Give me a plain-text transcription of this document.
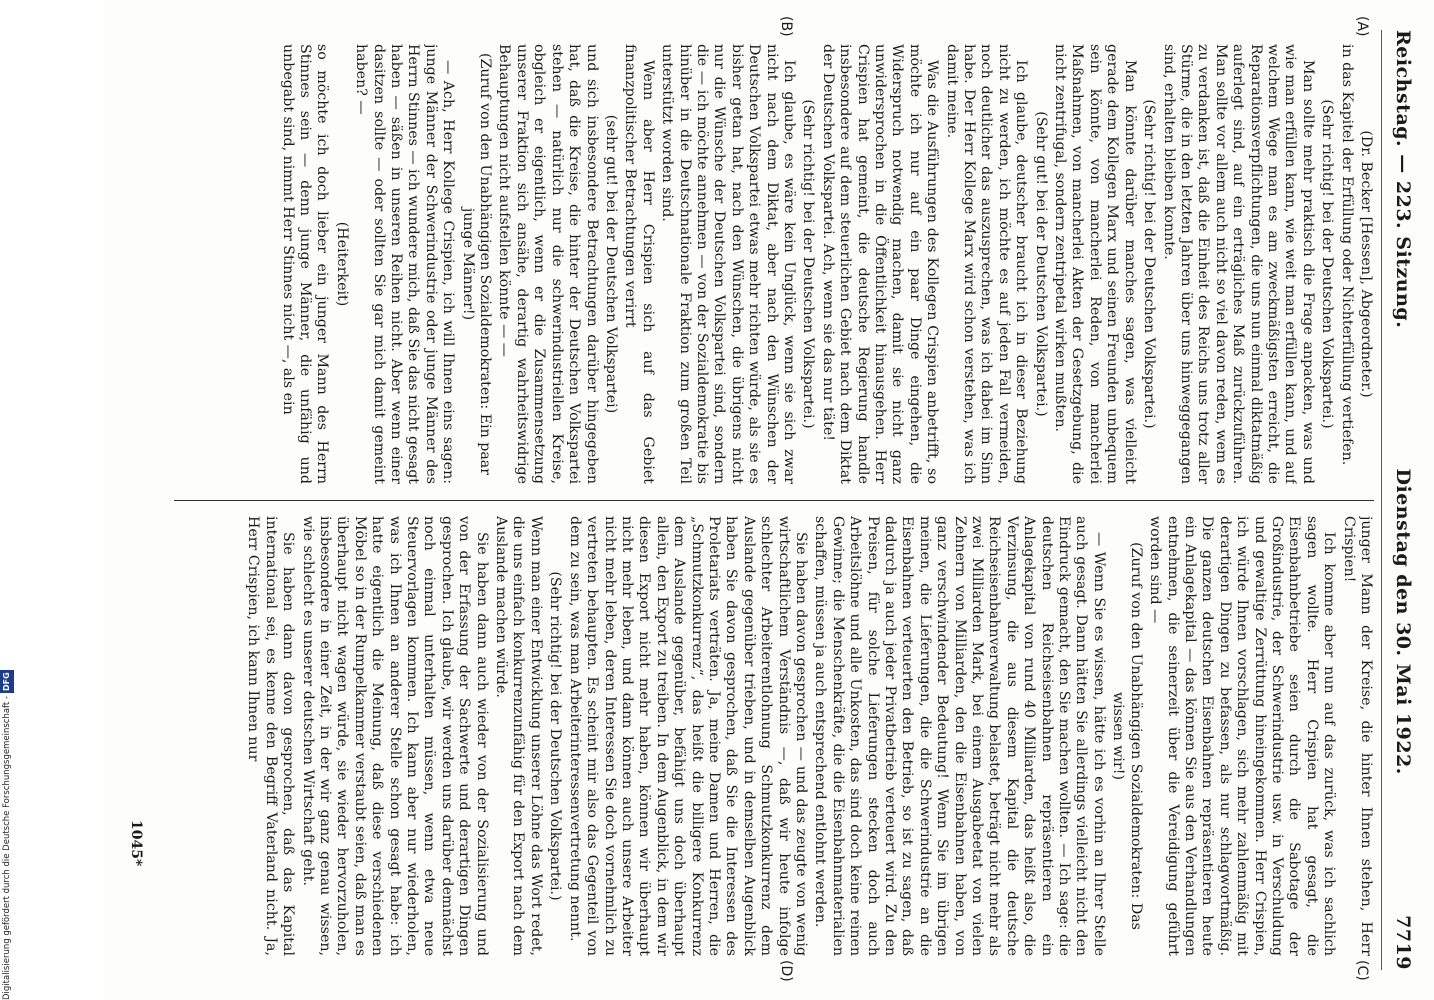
Reichstag. — 223. Sitzung.
Dienstag den 30. Mai 1922.
7719
(A)
(B)
(C)
(D)

(Dr. Becker [Hessen], Abgeordneter.)

in das Kapitel der Erfüllung oder Nichterfüllung vertiefen.

(Sehr richtig! bei der Deutschen Volkspartei.)

Man sollte mehr praktisch die Frage anpacken, was und wie man erfüllen kann, wie weit man erfüllen kann, und auf welchem Wege man es am zweckmäßigsten erreicht, die Reparationsverpflichtungen, die uns nun einmal diktatmäßig auferlegt sind, auf ein erträgliches Maß zurückzuführen. Man sollte vor allem auch nicht so viel davon reden, wem es zu verdanken ist, daß die Einheit des Reichs uns trotz aller Stürme, die in den letzten Jahren über uns hinweggegangen sind, erhalten bleiben konnte.

(Sehr richtig! bei der Deutschen Volkspartei.)

Man könnte darüber manches sagen, was vielleicht gerade dem Kollegen Marx und seinen Freunden unbequem sein könnte, von mancherlei Reden, von mancherlei Maßnahmen, von mancherlei Akten der Gesetzgebung, die nicht zentrifugal, sondern zentripetal wirken mußten.

(Sehr gut! bei der Deutschen Volkspartei.)

Ich glaube, deutscher braucht ich in dieser Beziehung nicht zu werden, ich möchte es auf jeden Fall vermeiden, noch deutlicher das auszusprechen, was ich dabei im Sinn habe. Der Herr Kollege Marx wird schon verstehen, was ich damit meine.

Was die Ausführungen des Kollegen Crispien anbetrifft, so möchte ich nur auf ein paar Dinge eingehen, die Widerspruch notwendig machen, damit sie nicht ganz unwidersprochen in die Öffentlichkeit hinausgehen. Herr Crispien hat gemeint, die deutsche Regierung handle insbesondere auf dem steuerlichen Gebiet nach dem Diktat der Deutschen Volkspartei. Ach, wenn sie das nur täte!

(Sehr richtig! bei der Deutschen Volkspartei.)

Ich glaube, es wäre kein Unglück, wenn sie sich zwar nicht nach dem Diktat, aber nach den Wünschen der Deutschen Volkspartei etwas mehr richten würde, als sie es bisher getan hat, nach den Wünschen, die übrigens nicht nur die Wünsche der Deutschen Volkspartei sind, sondern die — ich möchte annehmen — von der Sozialdemokratie bis hinüber in die Deutschnationale Fraktion zum großen Teil unterstützt worden sind.

Wenn aber Herr Crispien sich auf das Gebiet finanzpolitischer Betrachtungen verirrt

(sehr gut! bei der Deutschen Volkspartei)

und sich insbesondere Betrachtungen darüber hingegeben hat, daß die Kreise, die hinter der Deutschen Volkspartei stehen — natürlich nur die schwerindustriellen Kreise, obgleich er eigentlich, wenn er die Zusammensetzung unserer Fraktion sich ansähe, derartig wahrheitswidrige Behauptungen nicht aufstellen könnte — —

(Zuruf von den Unabhängigen Sozialdemokraten: Ein paar junge Männer!)

— Ach, Herr Kollege Crispien, ich will Ihnen eins sagen: junge Männer der Schwerindustrie oder junge Männer des Herrn Stinnes — ich wundere mich, daß Sie das nicht gesagt haben — säßen in unseren Reihen nicht. Aber wenn einer dasitzen sollte — oder sollten Sie gar mich damit gemeint haben? —

(Heiterkeit)

so möchte ich doch lieber ein junger Mann des Herrn Stinnes sein — denn junge Männer, die unfähig und unbegabt sind, nimmt Herr Stinnes nicht —, als ein

junger Mann der Kreise, die hinter Ihnen stehen, Herr Crispien!

Ich komme aber nun auf das zurück, was ich sachlich sagen wollte. Herr Crispien hat gesagt, die Eisenbahnbetriebe seien durch die Sabotage der Großindustrie, der Schwerindustrie usw. in Verschuldung und gewaltige Zerrüttung hineingekommen. Herr Crispien, ich würde Ihnen vorschlagen, sich mehr zahlenmäßig mit derartigen Dingen zu befassen, als nur schlagwortmäßig. Die ganzen deutschen Eisenbahnen repräsentieren heute ein Anlagekapital — das können Sie aus den Verhandlungen entnehmen, die seinerzeit über die Vereidigung geführt worden sind —

(Zuruf von den Unabhängigen Sozialdemokraten: Das wissen wir!)

— Wenn Sie es wissen, hätte ich es vorhin an Ihrer Stelle auch gesagt. Dann hätten Sie allerdings vielleicht nicht den Eindruck gemacht, den Sie machen wollten. — Ich sage: die deutschen Reichseisenbahnen repräsentieren ein Anlagekapital von rund 40 Milliarden, das heißt also, die Verzinsung, die aus diesem Kapital die deutsche Reichseisenbahnverwaltung belastet, beträgt nicht mehr als zwei Milliarden Mark, bei einem Ausgabeetat von vielen Zehnern von Milliarden, den die Eisenbahnen haben, von ganz verschwindender Bedeutung! Wenn Sie im übrigen meinen, die Lieferungen, die die Schwerindustrie an die Eisenbahnen verteuerten den Betrieb, so ist zu sagen, daß dadurch ja auch jeder Privatbetrieb verteuert wird. Zu den Preisen, für solche Lieferungen stecken doch auch Arbeitslöhne und alle Unkosten, das sind doch keine reinen Gewinne; die Menschenkräfte, die die Eisenbahnmaterialien schaffen, müssen ja auch entsprechend entlohnt werden.

Sie haben davon gesprochen — und das zeugte von wenig wirtschaftlichem Verständnis —, daß wir heute infolge schlechter Arbeiterentlohnung Schmutzkonkurrenz dem Auslande gegenüber trieben, und in demselben Augenblick haben Sie davon gesprochen, daß Sie die Interessen des Proletariats verträten. Ja, meine Damen und Herren, die „Schmutzkonkurrenz“, das heißt die billigere Konkurrenz dem Auslande gegenüber, befähigt uns doch überhaupt allein, den Export zu treiben. In dem Augenblick, in dem wir diesen Export nicht mehr haben, können wir überhaupt nicht mehr leben, und dann können auch unsere Arbeiter nicht mehr leben, deren Interessen Sie doch vornehmlich zu vertreten behaupten. Es scheint mir also das Gegenteil von dem zu sein, was man Arbeiterinteressenvertretung nennt.

(Sehr richtig! bei der Deutschen Volkspartei.)

Wenn man einer Entwicklung unserer Löhne das Wort redet, die uns einfach konkurrenzunfähig für den Export nach dem Auslande machen würde.

Sie haben dann auch wieder von der Sozialisierung und von der Erfassung der Sachwerte und derartigen Dingen gesprochen. Ich glaube, wir werden uns darüber demnächst noch einmal unterhalten müssen, wenn etwa neue Steuervorlagen kommen. Ich kann aber nur wiederholen, was ich Ihnen an anderer Stelle schon gesagt habe: ich hatte eigentlich die Meinung, daß diese verschiedenen Möbel so in der Rumpelkammer verstaubt seien, daß man es überhaupt nicht wagen würde, sie wieder hervorzuholen, insbesondere in einer Zeit, in der wir ganz genau wissen, wie schlecht es unserer deutschen Wirtschaft geht.

Sie haben dann davon gesprochen, daß das Kapital international sei, es kenne den Begriff Vaterland nicht. Ja, Herr Crispien, ich kann Ihnen nur

1045*
Digitalisierung gefördert durch die Deutsche Forschungsgemeinschaft -DFG
